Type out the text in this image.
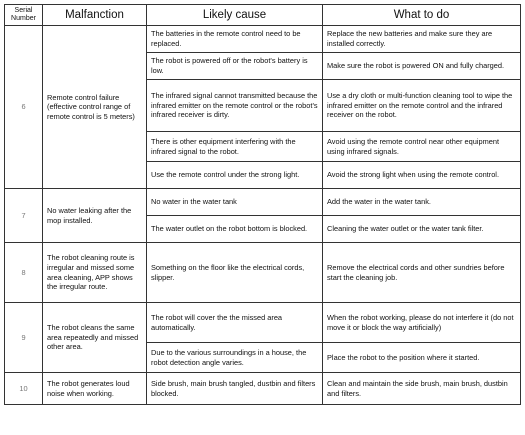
Serial Number	Malfanction	Likely cause	What to do
6	Remote control failure (effective control range of remote control is 5 meters)	The batteries in the remote control need to be replaced.	Replace the new batteries and make sure they are installed correctly.
		The robot is powered off or the robot's battery is low.	Make sure the robot is powered ON and fully charged.
		The infrared signal cannot transmitted because the infrared emitter on the remote control or the robot's infrared receiver is dirty.	Use a dry cloth or multi-function cleaning tool to wipe the infrared emitter on the remote control and the infrared receiver on the robot.
		There is other equipment interfering with the infrared signal to the robot.	Avoid using the remote control near other equipment using infrared signals.
		Use the remote control under the strong light.	Avoid the strong light when using the remote control.
7	No water leaking after the mop installed.	No water in the water tank	Add the water in the water tank.
		The water outlet on the robot bottom is blocked.	Cleaning the water outlet or the water tank filter.
8	The robot cleaning route is irregular and missed some area cleaning, APP shows the irregular route.	Something on the floor like the electrical cords, slipper.	Remove the electrical cords and other sundries before start the cleaning job.
9	The robot cleans the same area repeatedly and missed other area.	The robot will cover the the missed area automatically.	When the robot working, please do not interfere it (do not move it or block the way artificially)
		Due to the various surroundings in a house, the robot detection angle varies.	Place the robot to the position where it started.
10	The robot generates loud noise when working.	Side brush, main brush tangled, dustbin and filters blocked.	Clean and maintain the side brush, main brush, dustbin and filters.
